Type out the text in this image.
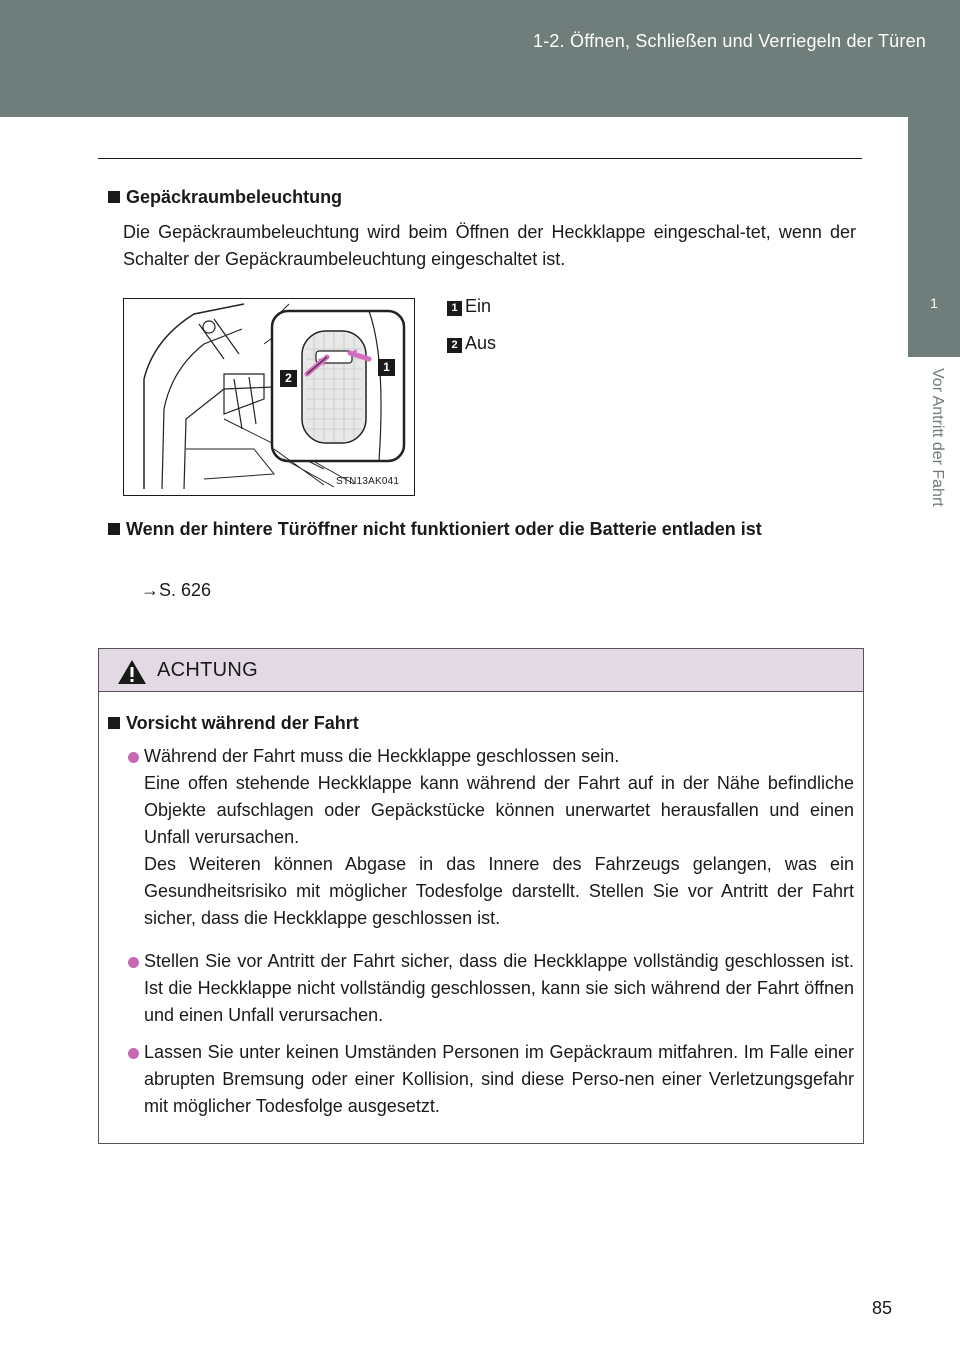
1-2. Öffnen, Schließen und Verriegeln der Türen
1
Vor Antritt der Fahrt
Gepäckraumbeleuchtung
Die Gepäckraumbeleuchtung wird beim Öffnen der Heckklappe eingeschal-tet, wenn der Schalter der Gepäckraumbeleuchtung eingeschaltet ist.
1
2
STN13AK041
1 Ein
2 Aus
Wenn der hintere Türöffner nicht funktioniert oder die Batterie entladen ist
→S. 626
ACHTUNG
Vorsicht während der Fahrt
Während der Fahrt muss die Heckklappe geschlossen sein.
Eine offen stehende Heckklappe kann während der Fahrt auf in der Nähe befindliche Objekte aufschlagen oder Gepäckstücke können unerwartet herausfallen und einen Unfall verursachen.
Des Weiteren können Abgase in das Innere des Fahrzeugs gelangen, was ein Gesundheitsrisiko mit möglicher Todesfolge darstellt. Stellen Sie vor Antritt der Fahrt sicher, dass die Heckklappe geschlossen ist.
Stellen Sie vor Antritt der Fahrt sicher, dass die Heckklappe vollständig geschlossen ist. Ist die Heckklappe nicht vollständig geschlossen, kann sie sich während der Fahrt öffnen und einen Unfall verursachen.
Lassen Sie unter keinen Umständen Personen im Gepäckraum mitfahren. Im Falle einer abrupten Bremsung oder einer Kollision, sind diese Perso-nen einer Verletzungsgefahr mit möglicher Todesfolge ausgesetzt.
85
